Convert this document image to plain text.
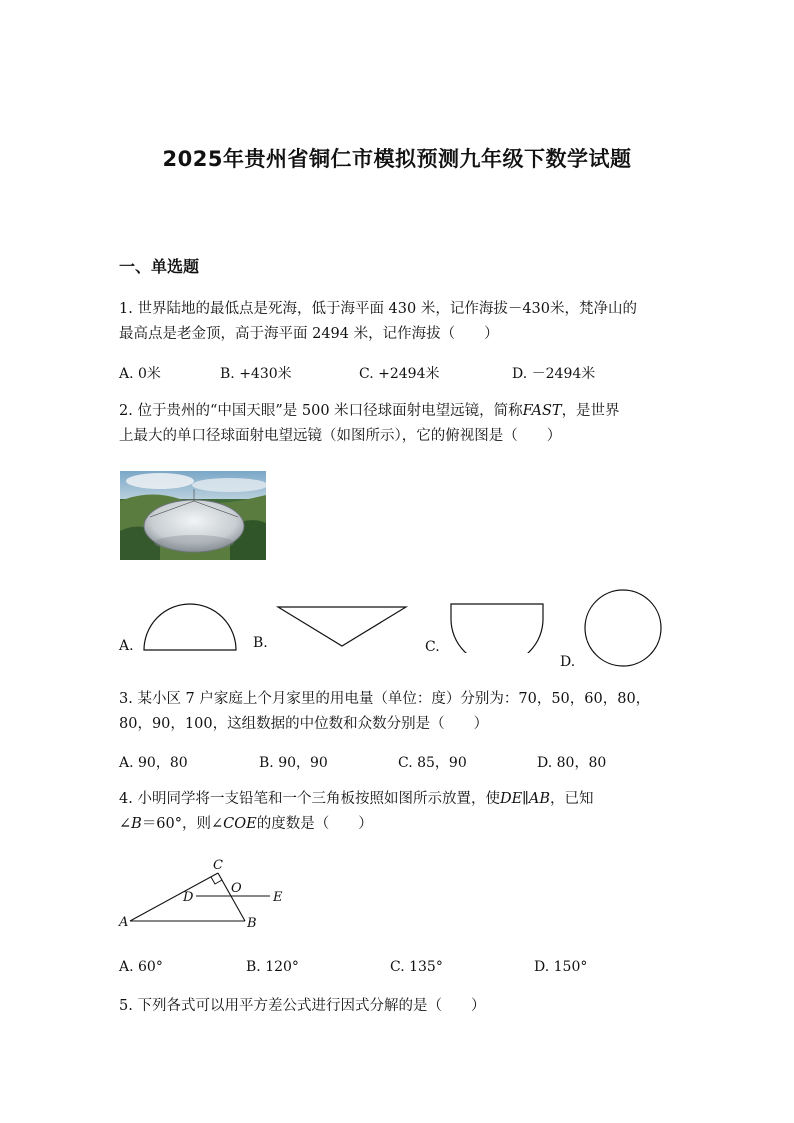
2025年贵州省铜仁市模拟预测九年级下数学试题
一、单选题
1. 世界陆地的最低点是死海，低于海平面 430 米，记作海拔－430米，梵净山的
最高点是老金顶，高于海平面 2494 米，记作海拔（　　）
A. 0米	B. +430米	C. +2494米	D. －2494米
2. 位于贵州的“中国天眼”是 500 米口径球面射电望远镜，简称FAST，是世界
上最大的单口径球面射电望远镜（如图所示），它的俯视图是（　　）
A.	B.	C.
D.
3. 某小区 7 户家庭上个月家里的用电量（单位：度）分别为：70，50，60，80，
80，90，100，这组数据的中位数和众数分别是（　　）
A. 90，80	B. 90，90	C. 85，90	D. 80，80
4. 小明同学将一支铅笔和一个三角板按照如图所示放置，使DE∥AB，已知
∠B＝60°，则∠COE的度数是（　　）
A	B
C
D
O
E
A. 60°	B. 120°	C. 135°	D. 150°
5. 下列各式可以用平方差公式进行因式分解的是（　　）
